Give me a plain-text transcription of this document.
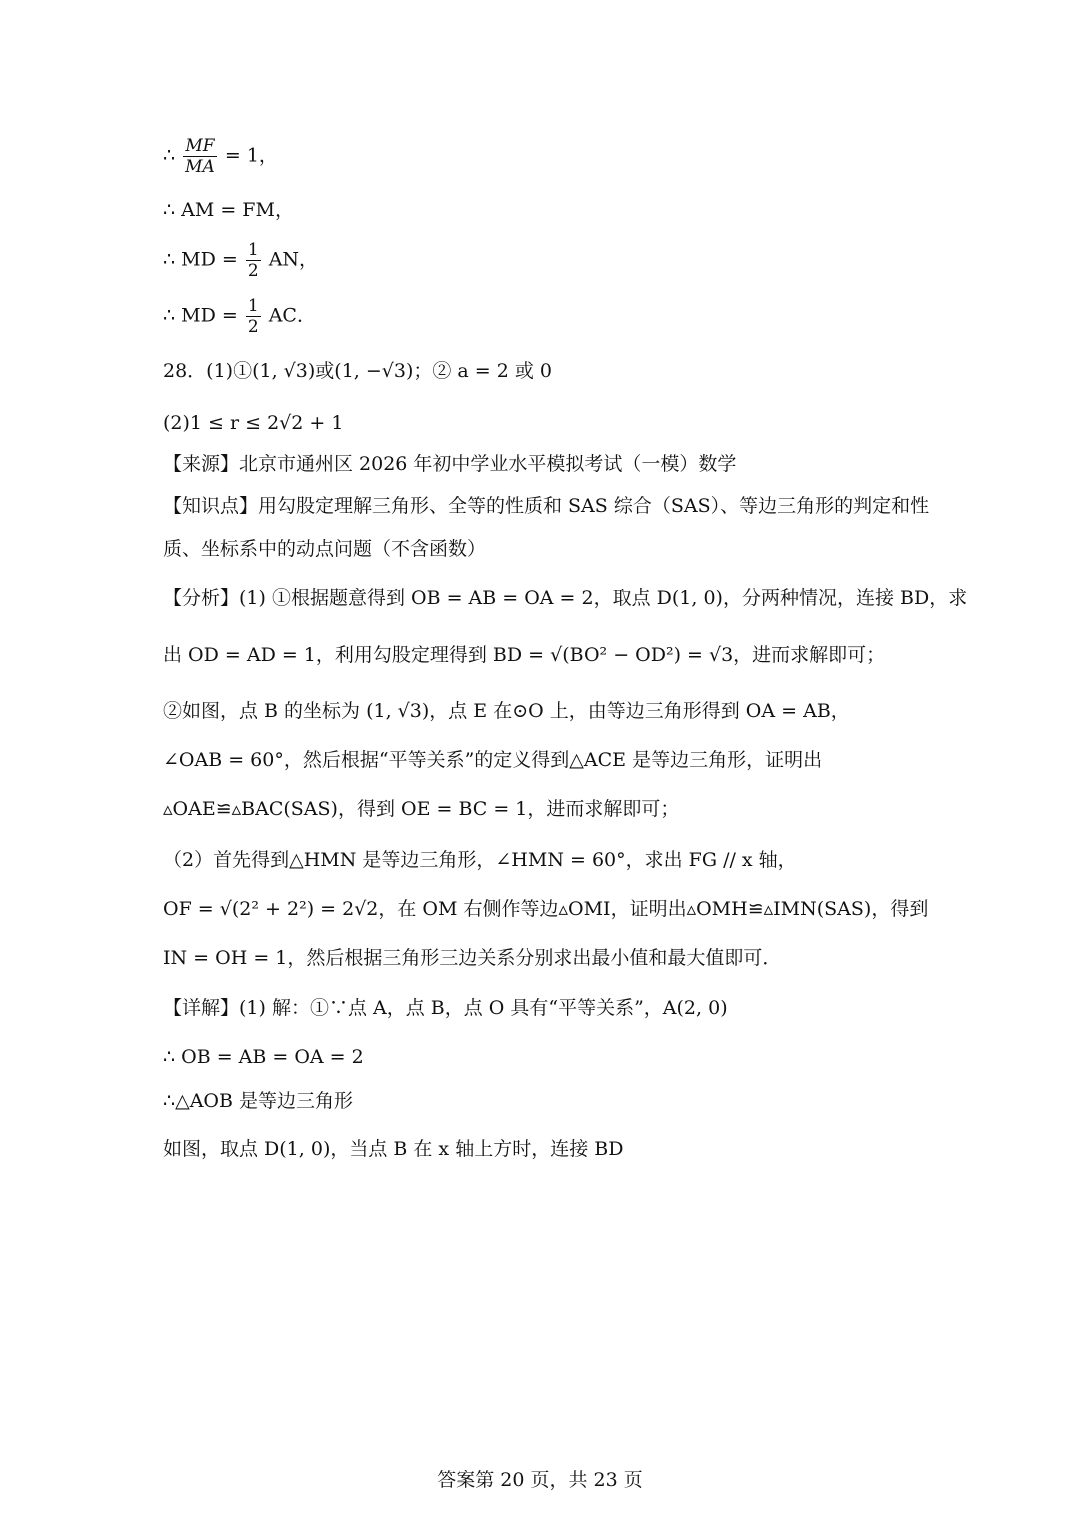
∴ $\frac{MF}{MA} = 1$，
∴ AM = FM，
∴ MD = $\frac{1}{2}$ AN，
∴ MD = $\frac{1}{2}$ AC．
28．(1)①(1, √3)或(1, −√3)；② a = 2 或 0
(2)1 ≤ r ≤ 2√2 + 1
【来源】北京市通州区 2026 年初中学业水平模拟考试（一模）数学
【知识点】用勾股定理解三角形、全等的性质和 SAS 综合（SAS）、等边三角形的判定和性
质、坐标系中的动点问题（不含函数）
【分析】(1) ①根据题意得到 OB = AB = OA = 2，取点 D(1, 0)，分两种情况，连接 BD，求
出 OD = AD = 1，利用勾股定理得到 BD = √(BO² − OD²) = √3，进而求解即可；
②如图，点 B 的坐标为 (1, √3)，点 E 在⊙O 上，由等边三角形得到 OA = AB，
∠OAB = 60°，然后根据“平等关系”的定义得到△ACE 是等边三角形，证明出
▵OAE≌▵BAC(SAS)，得到 OE = BC = 1，进而求解即可；
（2）首先得到△HMN 是等边三角形，∠HMN = 60°，求出 FG // x 轴，
OF = √(2² + 2²) = 2√2，在 OM 右侧作等边▵OMI，证明出▵OMH≌▵IMN(SAS)，得到
IN = OH = 1，然后根据三角形三边关系分别求出最小值和最大值即可．
【详解】(1) 解：①∵点 A，点 B，点 O 具有“平等关系”，A(2, 0)
∴ OB = AB = OA = 2
∴△AOB 是等边三角形
如图，取点 D(1, 0)，当点 B 在 x 轴上方时，连接 BD
答案第 20 页，共 23 页
